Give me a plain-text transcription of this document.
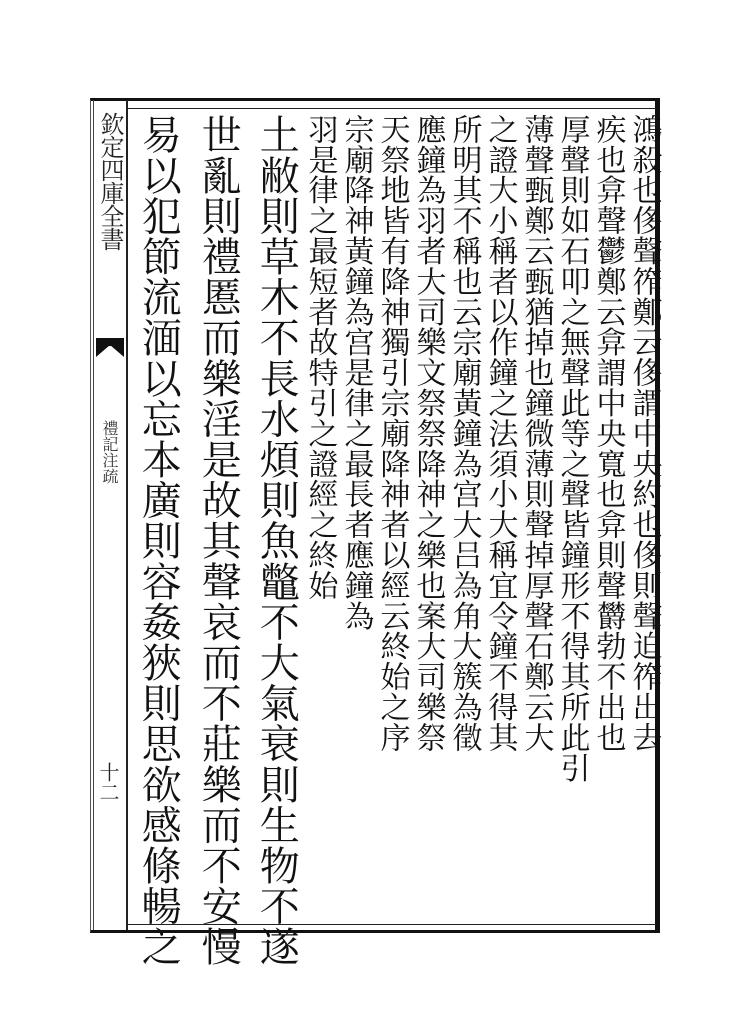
欽定四庫全書
禮記注疏
十二
鴻殺也侈聲筰鄭云侈謂中央約也侈則聲迫筰出去
疾也弇聲鬱鄭云弇謂中央寬也弇則聲欝勃不出也
厚聲則如石叩之無聲此等之聲皆鐘形不得其所此引
薄聲甄鄭云甄猶掉也鐘微薄則聲掉厚聲石鄭云大
之證大小稱者以作鐘之法須小大稱宜令鐘不得其
所明其不稱也云宗廟黃鐘為宫大吕為角大簇為徵
應鐘為羽者大司樂文祭祭降神之樂也案大司樂祭
天祭地皆有降神獨引宗廟降神者以經云終始之序
宗廟降神黃鐘為宫是律之最長者應鐘為
羽是律之最短者故特引之證經之終始
土敝則草木不長水煩則魚鼈不大氣衰則生物不遂
世亂則禮慝而樂淫是故其聲哀而不莊樂而不安慢
易以犯節流湎以忘本廣則容姦狹則思欲感條暢之
